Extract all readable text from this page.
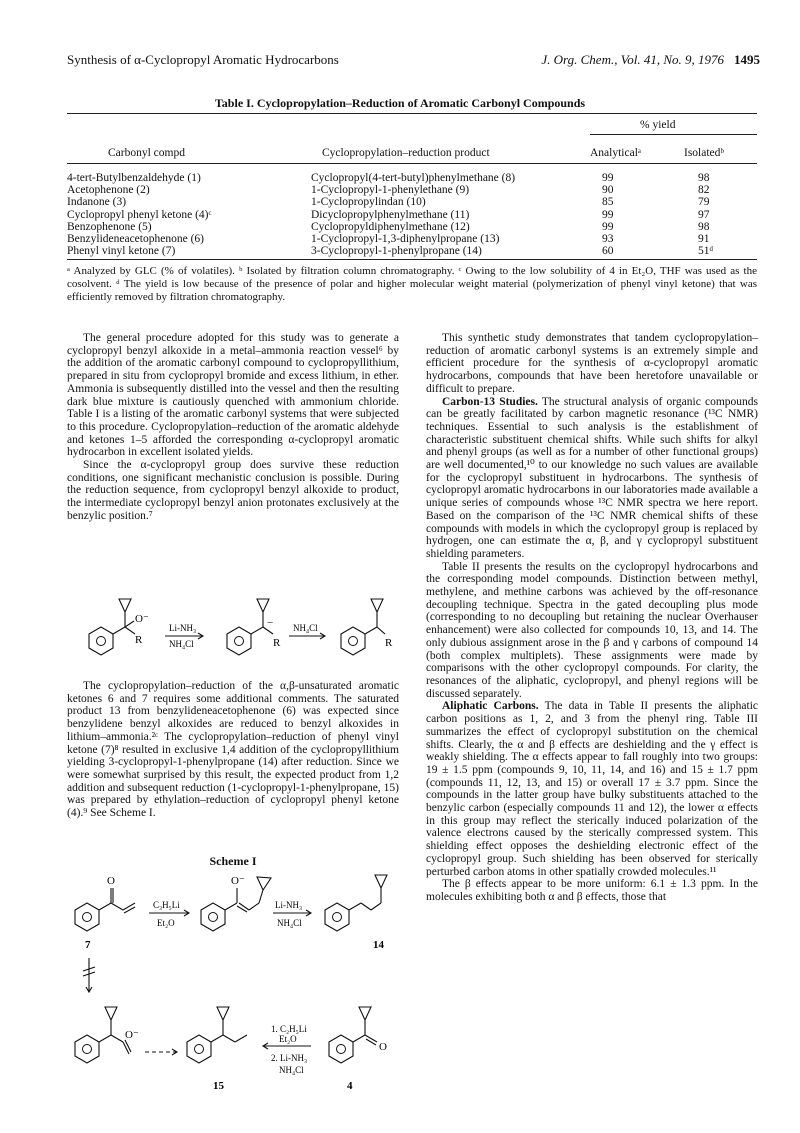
Synthesis of α-Cyclopropyl Aromatic Hydrocarbons	J. Org. Chem., Vol. 41, No. 9, 1976 1495
Table I. Cyclopropylation–Reduction of Aromatic Carbonyl Compounds
% yield
Carbonyl compd	Cyclopropylation–reduction product	Analyticalᵃ	Isolatedᵇ
4-tert-Butylbenzaldehyde (1)	Cyclopropyl(4-tert-butyl)phenylmethane (8)	99	98
Acetophenone (2)	1-Cyclopropyl-1-phenylethane (9)	90	82
Indanone (3)	1-Cyclopropylindan (10)	85	79
Cyclopropyl phenyl ketone (4)ᶜ	Dicyclopropylphenylmethane (11)	99	97
Benzophenone (5)	Cyclopropyldiphenylmethane (12)	99	98
Benzylideneacetophenone (6)	1-Cyclopropyl-1,3-diphenylpropane (13)	93	91
Phenyl vinyl ketone (7)	3-Cyclopropyl-1-phenylpropane (14)	60	51ᵈ
ᵃ Analyzed by GLC (% of volatiles). ᵇ Isolated by filtration column chromatography. ᶜ Owing to the low solubility of 4 in Et₂O, THF was used as the cosolvent. ᵈ The yield is low because of the presence of polar and higher molecular weight material (polymerization of phenyl vinyl ketone) that was efficiently removed by filtration chromatography.

The general procedure adopted for this study was to generate a cyclopropyl benzyl alkoxide in a metal–ammonia reaction vessel⁶ by the addition of the aromatic carbonyl compound to cyclopropyllithium, prepared in situ from cyclopropyl bromide and excess lithium, in ether. Ammonia is subsequently distilled into the vessel and then the resulting dark blue mixture is cautiously quenched with ammonium chloride. Table I is a listing of the aromatic carbonyl systems that were subjected to this procedure. Cyclopropylation–reduction of the aromatic aldehyde and ketones 1–5 afforded the corresponding α-cyclopropyl aromatic hydrocarbon in excellent isolated yields.

Since the α-cyclopropyl group does survive these reduction conditions, one significant mechanistic conclusion is possible. During the reduction sequence, from cyclopropyl benzyl alkoxide to product, the intermediate cyclopropyl benzyl anion protonates exclusively at the benzylic position.⁷

O⁻
R
Li-NH₃
NH₄Cl
−
R
NH₄Cl
R

The cyclopropylation–reduction of the α,β-unsaturated aromatic ketones 6 and 7 requires some additional comments. The saturated product 13 from benzylideneacetophenone (6) was expected since benzylidene benzyl alkoxides are reduced to benzyl alkoxides in lithium–ammonia.²ᶜ The cyclopropylation–reduction of phenyl vinyl ketone (7)⁸ resulted in exclusive 1,4 addition of the cyclopropyllithium yielding 3-cyclopropyl-1-phenylpropane (14) after reduction. Since we were somewhat surprised by this result, the expected product from 1,2 addition and subsequent reduction (1-cyclopropyl-1-phenylpropane, 15) was prepared by ethylation–reduction of cyclopropyl phenyl ketone (4).⁹ See Scheme I.

Scheme I
O
C₃H₅Li
Et₂O
O⁻
Li-NH₃
NH₄Cl
O⁻	1. C₂H₅Li
Et₂O
2. Li-NH₃
NH₄Cl
O
7	14
15	4

This synthetic study demonstrates that tandem cyclopropylation–reduction of aromatic carbonyl systems is an extremely simple and efficient procedure for the synthesis of α-cyclopropyl aromatic hydrocarbons, compounds that have been heretofore unavailable or difficult to prepare.

Carbon-13 Studies. The structural analysis of organic compounds can be greatly facilitated by carbon magnetic resonance (¹³C NMR) techniques. Essential to such analysis is the establishment of characteristic substituent chemical shifts. While such shifts for alkyl and phenyl groups (as well as for a number of other functional groups) are well documented,¹⁰ to our knowledge no such values are available for the cyclopropyl substituent in hydrocarbons. The synthesis of cyclopropyl aromatic hydrocarbons in our laboratories made available a unique series of compounds whose ¹³C NMR spectra we here report. Based on the comparison of the ¹³C NMR chemical shifts of these compounds with models in which the cyclopropyl group is replaced by hydrogen, one can estimate the α, β, and γ cyclopropyl substituent shielding parameters.

Table II presents the results on the cyclopropyl hydrocarbons and the corresponding model compounds. Distinction between methyl, methylene, and methine carbons was achieved by the off-resonance decoupling technique. Spectra in the gated decoupling plus mode (corresponding to no decoupling but retaining the nuclear Overhauser enhancement) were also collected for compounds 10, 13, and 14. The only dubious assignment arose in the β and γ carbons of compound 14 (both complex multiplets). These assignments were made by comparisons with the other cyclopropyl compounds. For clarity, the resonances of the aliphatic, cyclopropyl, and phenyl regions will be discussed separately.

Aliphatic Carbons. The data in Table II presents the aliphatic carbon positions as 1, 2, and 3 from the phenyl ring. Table III summarizes the effect of cyclopropyl substitution on the chemical shifts. Clearly, the α and β effects are deshielding and the γ effect is weakly shielding. The α effects appear to fall roughly into two groups: 19 ± 1.5 ppm (compounds 9, 10, 11, 14, and 16) and 15 ± 1.7 ppm (compounds 11, 12, 13, and 15) or overall 17 ± 3.7 ppm. Since the compounds in the latter group have bulky substituents attached to the benzylic carbon (especially compounds 11 and 12), the lower α effects in this group may reflect the sterically induced polarization of the valence electrons caused by the sterically compressed system. This shielding effect opposes the deshielding electronic effect of the cyclopropyl group. Such shielding has been observed for sterically perturbed carbon atoms in other spatially crowded molecules.¹¹

The β effects appear to be more uniform: 6.1 ± 1.3 ppm. In the molecules exhibiting both α and β effects, those that
